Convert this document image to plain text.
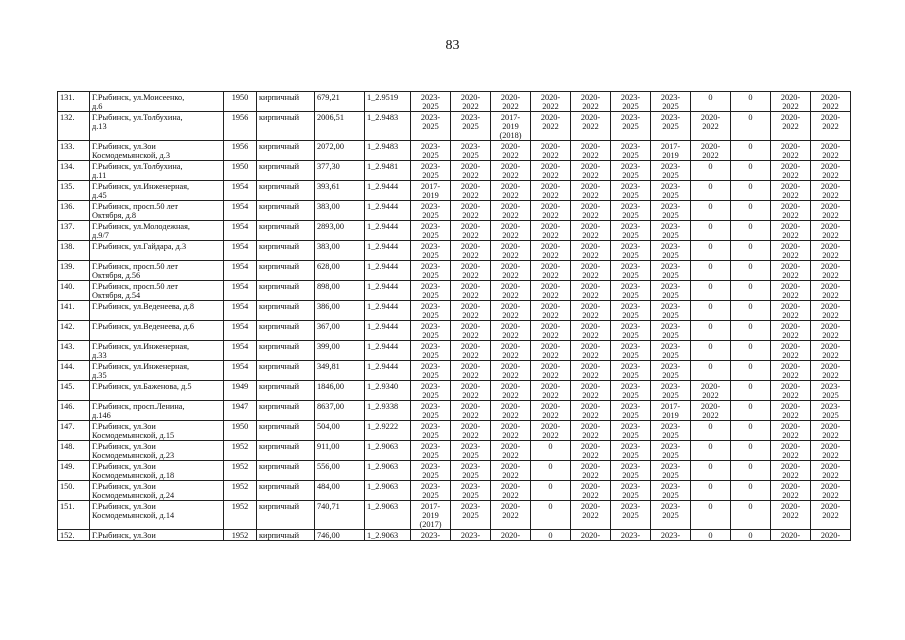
83
131.	Г.Рыбинск, ул.Моисеенко,
д.6	1950	кирпичный	679,21	1_2.9519	2023-
2025	2020-
2022	2020-
2022	2020-
2022	2020-
2022	2023-
2025	2023-
2025	0	0	2020-
2022	2020-
2022
132.	Г.Рыбинск, ул.Толбухина,
д.13	1956	кирпичный	2006,51	1_2.9483	2023-
2025	2023-
2025	2017-
2019
(2018)	2020-
2022	2020-
2022	2023-
2025	2023-
2025	2020-
2022	0	2020-
2022	2020-
2022
133.	Г.Рыбинск, ул.Зои
Космодемьянской, д.3	1956	кирпичный	2072,00	1_2.9483	2023-
2025	2023-
2025	2020-
2022	2020-
2022	2020-
2022	2023-
2025	2017-
2019	2020-
2022	0	2020-
2022	2020-
2022
134.	Г.Рыбинск, ул.Толбухина,
д.11	1950	кирпичный	377,30	1_2.9481	2023-
2025	2020-
2022	2020-
2022	2020-
2022	2020-
2022	2023-
2025	2023-
2025	0	0	2020-
2022	2020-
2022
135.	Г.Рыбинск, ул.Инженерная,
д.45	1954	кирпичный	393,61	1_2.9444	2017-
2019	2020-
2022	2020-
2022	2020-
2022	2020-
2022	2023-
2025	2023-
2025	0	0	2020-
2022	2020-
2022
136.	Г.Рыбинск, просп.50 лет
Октября, д.8	1954	кирпичный	383,00	1_2.9444	2023-
2025	2020-
2022	2020-
2022	2020-
2022	2020-
2022	2023-
2025	2023-
2025	0	0	2020-
2022	2020-
2022
137.	Г.Рыбинск, ул.Молодежная,
д.9/7	1954	кирпичный	2893,00	1_2.9444	2023-
2025	2020-
2022	2020-
2022	2020-
2022	2020-
2022	2023-
2025	2023-
2025	0	0	2020-
2022	2020-
2022
138.	Г.Рыбинск, ул.Гайдара, д.3	1954	кирпичный	383,00	1_2.9444	2023-
2025	2020-
2022	2020-
2022	2020-
2022	2020-
2022	2023-
2025	2023-
2025	0	0	2020-
2022	2020-
2022
139.	Г.Рыбинск, просп.50 лет
Октября, д.56	1954	кирпичный	628,00	1_2.9444	2023-
2025	2020-
2022	2020-
2022	2020-
2022	2020-
2022	2023-
2025	2023-
2025	0	0	2020-
2022	2020-
2022
140.	Г.Рыбинск, просп.50 лет
Октября, д.54	1954	кирпичный	898,00	1_2.9444	2023-
2025	2020-
2022	2020-
2022	2020-
2022	2020-
2022	2023-
2025	2023-
2025	0	0	2020-
2022	2020-
2022
141.	Г.Рыбинск, ул.Веденеева, д.8	1954	кирпичный	386,00	1_2.9444	2023-
2025	2020-
2022	2020-
2022	2020-
2022	2020-
2022	2023-
2025	2023-
2025	0	0	2020-
2022	2020-
2022
142.	Г.Рыбинск, ул.Веденеева, д.6	1954	кирпичный	367,00	1_2.9444	2023-
2025	2020-
2022	2020-
2022	2020-
2022	2020-
2022	2023-
2025	2023-
2025	0	0	2020-
2022	2020-
2022
143.	Г.Рыбинск, ул.Инженерная,
д.33	1954	кирпичный	399,00	1_2.9444	2023-
2025	2020-
2022	2020-
2022	2020-
2022	2020-
2022	2023-
2025	2023-
2025	0	0	2020-
2022	2020-
2022
144.	Г.Рыбинск, ул.Инженерная,
д.35	1954	кирпичный	349,81	1_2.9444	2023-
2025	2020-
2022	2020-
2022	2020-
2022	2020-
2022	2023-
2025	2023-
2025	0	0	2020-
2022	2020-
2022
145.	Г.Рыбинск, ул.Баженова, д.5	1949	кирпичный	1846,00	1_2.9340	2023-
2025	2020-
2022	2020-
2022	2020-
2022	2020-
2022	2023-
2025	2023-
2025	2020-
2022	0	2020-
2022	2023-
2025
146.	Г.Рыбинск, просп.Ленина,
д.146	1947	кирпичный	8637,00	1_2.9338	2023-
2025	2020-
2022	2020-
2022	2020-
2022	2020-
2022	2023-
2025	2017-
2019	2020-
2022	0	2020-
2022	2023-
2025
147.	Г.Рыбинск, ул.Зои
Космодемьянской, д.15	1950	кирпичный	504,00	1_2.9222	2023-
2025	2020-
2022	2020-
2022	2020-
2022	2020-
2022	2023-
2025	2023-
2025	0	0	2020-
2022	2020-
2022
148.	Г.Рыбинск, ул.Зои
Космодемьянской, д.23	1952	кирпичный	911,00	1_2.9063	2023-
2025	2023-
2025	2020-
2022	0	2020-
2022	2023-
2025	2023-
2025	0	0	2020-
2022	2020-
2022
149.	Г.Рыбинск, ул.Зои
Космодемьянской, д.18	1952	кирпичный	556,00	1_2.9063	2023-
2025	2023-
2025	2020-
2022	0	2020-
2022	2023-
2025	2023-
2025	0	0	2020-
2022	2020-
2022
150.	Г.Рыбинск, ул.Зои
Космодемьянской, д.24	1952	кирпичный	484,00	1_2.9063	2023-
2025	2023-
2025	2020-
2022	0	2020-
2022	2023-
2025	2023-
2025	0	0	2020-
2022	2020-
2022
151.	Г.Рыбинск, ул.Зои
Космодемьянской, д.14	1952	кирпичный	740,71	1_2.9063	2017-
2019
(2017)	2023-
2025	2020-
2022	0	2020-
2022	2023-
2025	2023-
2025	0	0	2020-
2022	2020-
2022
152.	Г.Рыбинск, ул.Зои	1952	кирпичный	746,00	1_2.9063	2023-	2023-	2020-	0	2020-	2023-	2023-	0	0	2020-	2020-
